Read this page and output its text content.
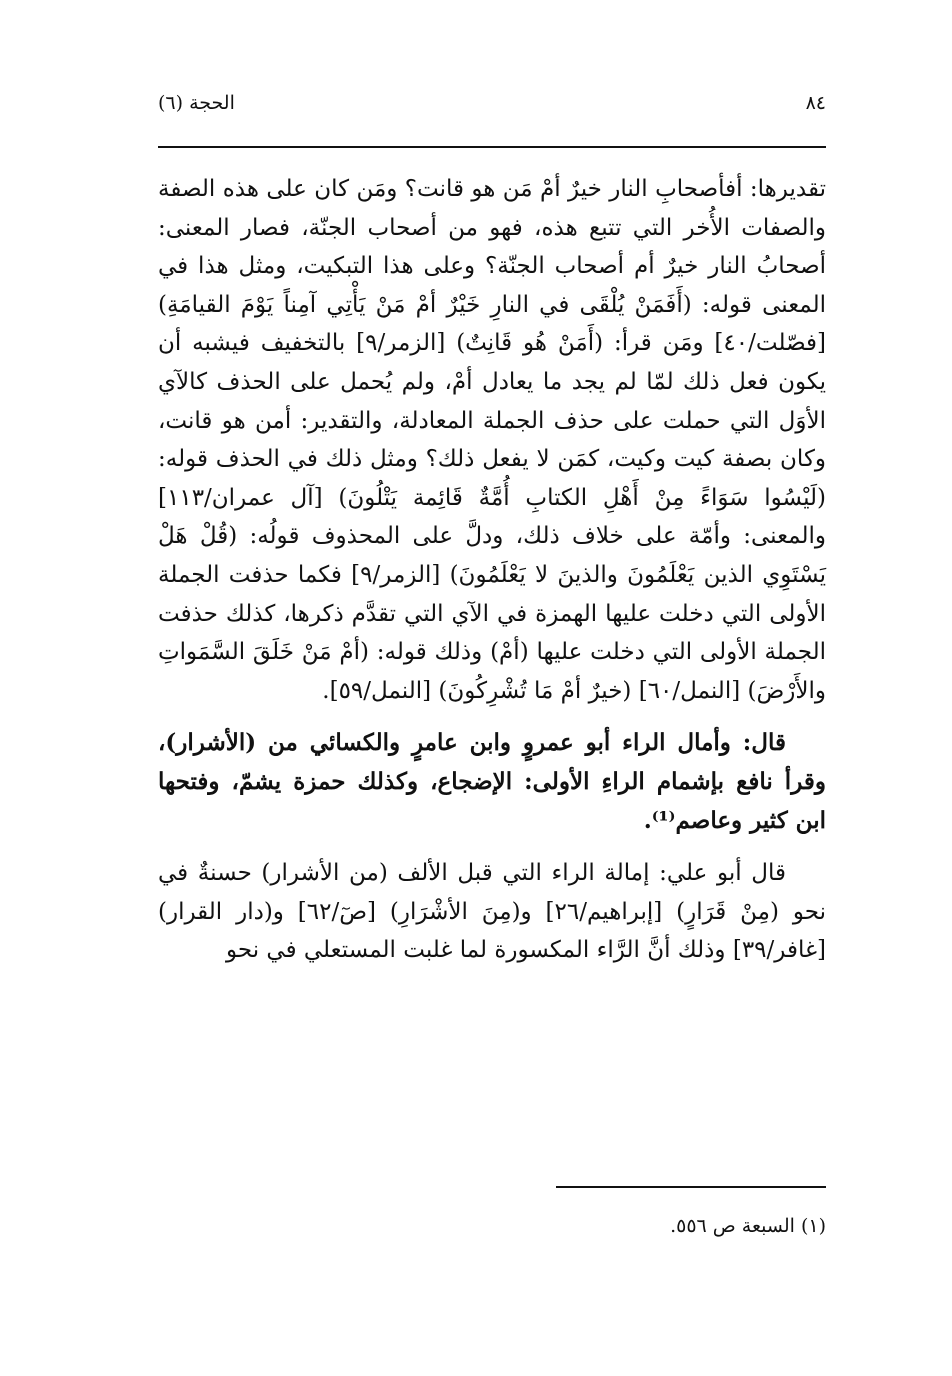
٨٤
الحجة (٦)

تقديرها: أفأصحابِ النار خيرٌ أمْ مَن هو قانت؟ ومَن كان على هذه الصفة والصفات الأُخر التي تتبع هذه، فهو من أصحاب الجنّة، فصار المعنى: أصحابُ النار خيرٌ أم أصحاب الجنّة؟ وعلى هذا التبكيت، ومثل هذا في المعنى قوله: (أَفَمَنْ يُلْقَى في النارِ خَيْرٌ أمْ مَنْ يَأْتِي آمِناً يَوْمَ القيامَةِ) [فصّلت/٤٠] ومَن قرأ: (أَمَنْ هُو قَانِتٌ) [الزمر/٩] بالتخفيف فيشبه أن يكون فعل ذلك لمّا لم يجد ما يعادل أمْ، ولم يُحمل على الحذف كالآي الأوَل التي حملت على حذف الجملة المعادلة، والتقدير: أمن هو قانت، وكان بصفة كيت وكيت، كمَن لا يفعل ذلك؟ ومثل ذلك في الحذف قوله: (لَيْسُوا سَوَاءً مِنْ أَهْلِ الكتابِ أُمَّةٌ قَائِمة يَتْلُونَ) [آل عمران/١١٣] والمعنى: وأمّة على خلاف ذلك، ودلَّ على المحذوف قولُه: (قُلْ هَلْ يَسْتَوِي الذين يَعْلَمُونَ والذينَ لا يَعْلَمُونَ) [الزمر/٩] فكما حذفت الجملة الأولى التي دخلت عليها الهمزة في الآي التي تقدَّم ذكرها، كذلك حذفت الجملة الأولى التي دخلت عليها (أمْ) وذلك قوله: (أمْ مَنْ خَلَقَ السَّمَواتِ والأَرْضَ) [النمل/٦٠] (خيرٌ أمْ مَا تُشْرِكُونَ) [النمل/٥٩].

قال: وأمال الراء أبو عمروٍ وابن عامرٍ والكسائي من (الأشرار)، وقرأ نافع بإشمام الراءِ الأولى: الإضجاع، وكذلك حمزة يشمّ، وفتحها ابن كثير وعاصم⁽¹⁾.

قال أبو علي: إمالة الراء التي قبل الألف (من الأشرار) حسنةٌ في نحو (مِنْ قَرَارٍ) [إبراهيم/٢٦] و(مِنَ الأشْرَارِ) [صٓ/٦٢] و(دار القرار) [غافر/٣٩] وذلك أنَّ الرَّاء المكسورة لما غلبت المستعلي في نحو

(١) السبعة ص ٥٥٦.
